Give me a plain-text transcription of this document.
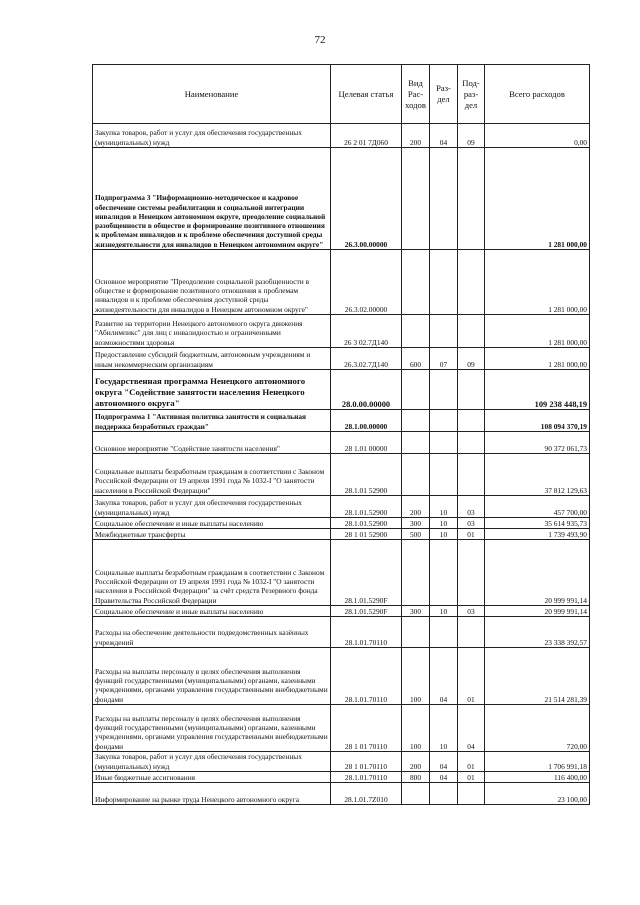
72
Наименование	Целевая статья	Вид Рас-ходов	Раз-дел	Под-раз-дел	Всего расходов
Закупка товаров, работ и услуг для обеспечения государственных (муниципальных) нужд	26 2 01 7Д060	200	04	09	0,00
Подпрограмма 3 "Информационно-методическое и кадровое обеспечение системы реабилитации и социальной интеграции инвалидов в Ненецком автономном округе, преодоление социальной разобщенности в обществе и формирование позитивного отношения к проблемам инвалидов и к проблеме обеспечения доступной среды жизнедеятельности для инвалидов в Ненецком автономном округе"	26.3.00.00000				1 281 000,00
Основное мероприятие "Преодоление социальной разобщенности в обществе и формирование позитивного отношения к проблемам инвалидов и к проблеме обеспечения доступной среды жизнедеятельности для инвалидов в Ненецком автономном округе"	26.3.02.00000				1 281 000,00
Развитие на территории Ненецкого автономного округа движения "Абилимпикс" для лиц с инвалидностью и ограниченными возможностями здоровья	26 3 02.7Д140				1 281 000,00
Предоставление субсидий бюджетным, автономным учреждениям и иным некоммерческим организациям	26.3.02.7Д140	600	07	09	1 281 000,00
Государственная программа Ненецкого автономного округа "Содействие занятости населения Ненецкого автономного округа"	28.0.00.00000				109 238 448,19
Подпрограмма 1 "Активная политика занятости и социальная поддержка безработных граждан"	28.1.00.00000				108 094 370,19
Основное мероприятие "Содействие занятости населения"	28 1.01 00000				90 372 061,73
Социальные выплаты безработным гражданам в соответствии с Законом Российской Федерации от 19 апреля 1991 года № 1032-I "О занятости населения в Российской Федерации"	28.1.01 52900				37 812 129,63
Закупка товаров, работ и услуг для обеспечения государственных (муниципальных) нужд	28.1.01.52900	200	10	03	457 700,00
Социальное обеспечение и иные выплаты населению	28.1.01.52900	300	10	03	35 614 935,73
Межбюджетные трансферты	28 1 01 52900	500	10	01	1 739 493,90
Социальные выплаты безработным гражданам в соответствии с Законом Российской Федерации от 19 апреля 1991 года № 1032-I "О занятости населения в Российской Федерации" за счёт средств Резервного фонда Правительства Российской Федерации	28.1.01.5290F				20 999 991,14
Социальное обеспечение и иные выплаты населению	28.1.01.5290F	300	10	03	20 999 991,14
Расходы на обеспечение деятельности подведомственных казённых учреждений	28.1.01.70110				23 338 392,57
Расходы на выплаты персоналу в целях обеспечения выполнения функций государственными (муниципальными) органами, казенными учреждениями, органами управления государственными внебюджетными фондами	28.1.01.70110	100	04	01	21 514 281,39
Расходы на выплаты персоналу в целях обеспечения выполнения функций государственными (муниципальными) органами, казенными учреждениями, органами управления государственными внебюджетными фондами	28 1 01 70110	100	10	04	720,00
Закупка товаров, работ и услуг для обеспечения государственных (муниципальных) нужд	28 1 01.70110	200	04	01	1 706 991,18
Иные бюджетные ассигнования	28.1.01.70110	800	04	01	116 400,00
Информирование на рынке труда Ненецкого автономного округа	28.1.01.7Z010				23 100,00
